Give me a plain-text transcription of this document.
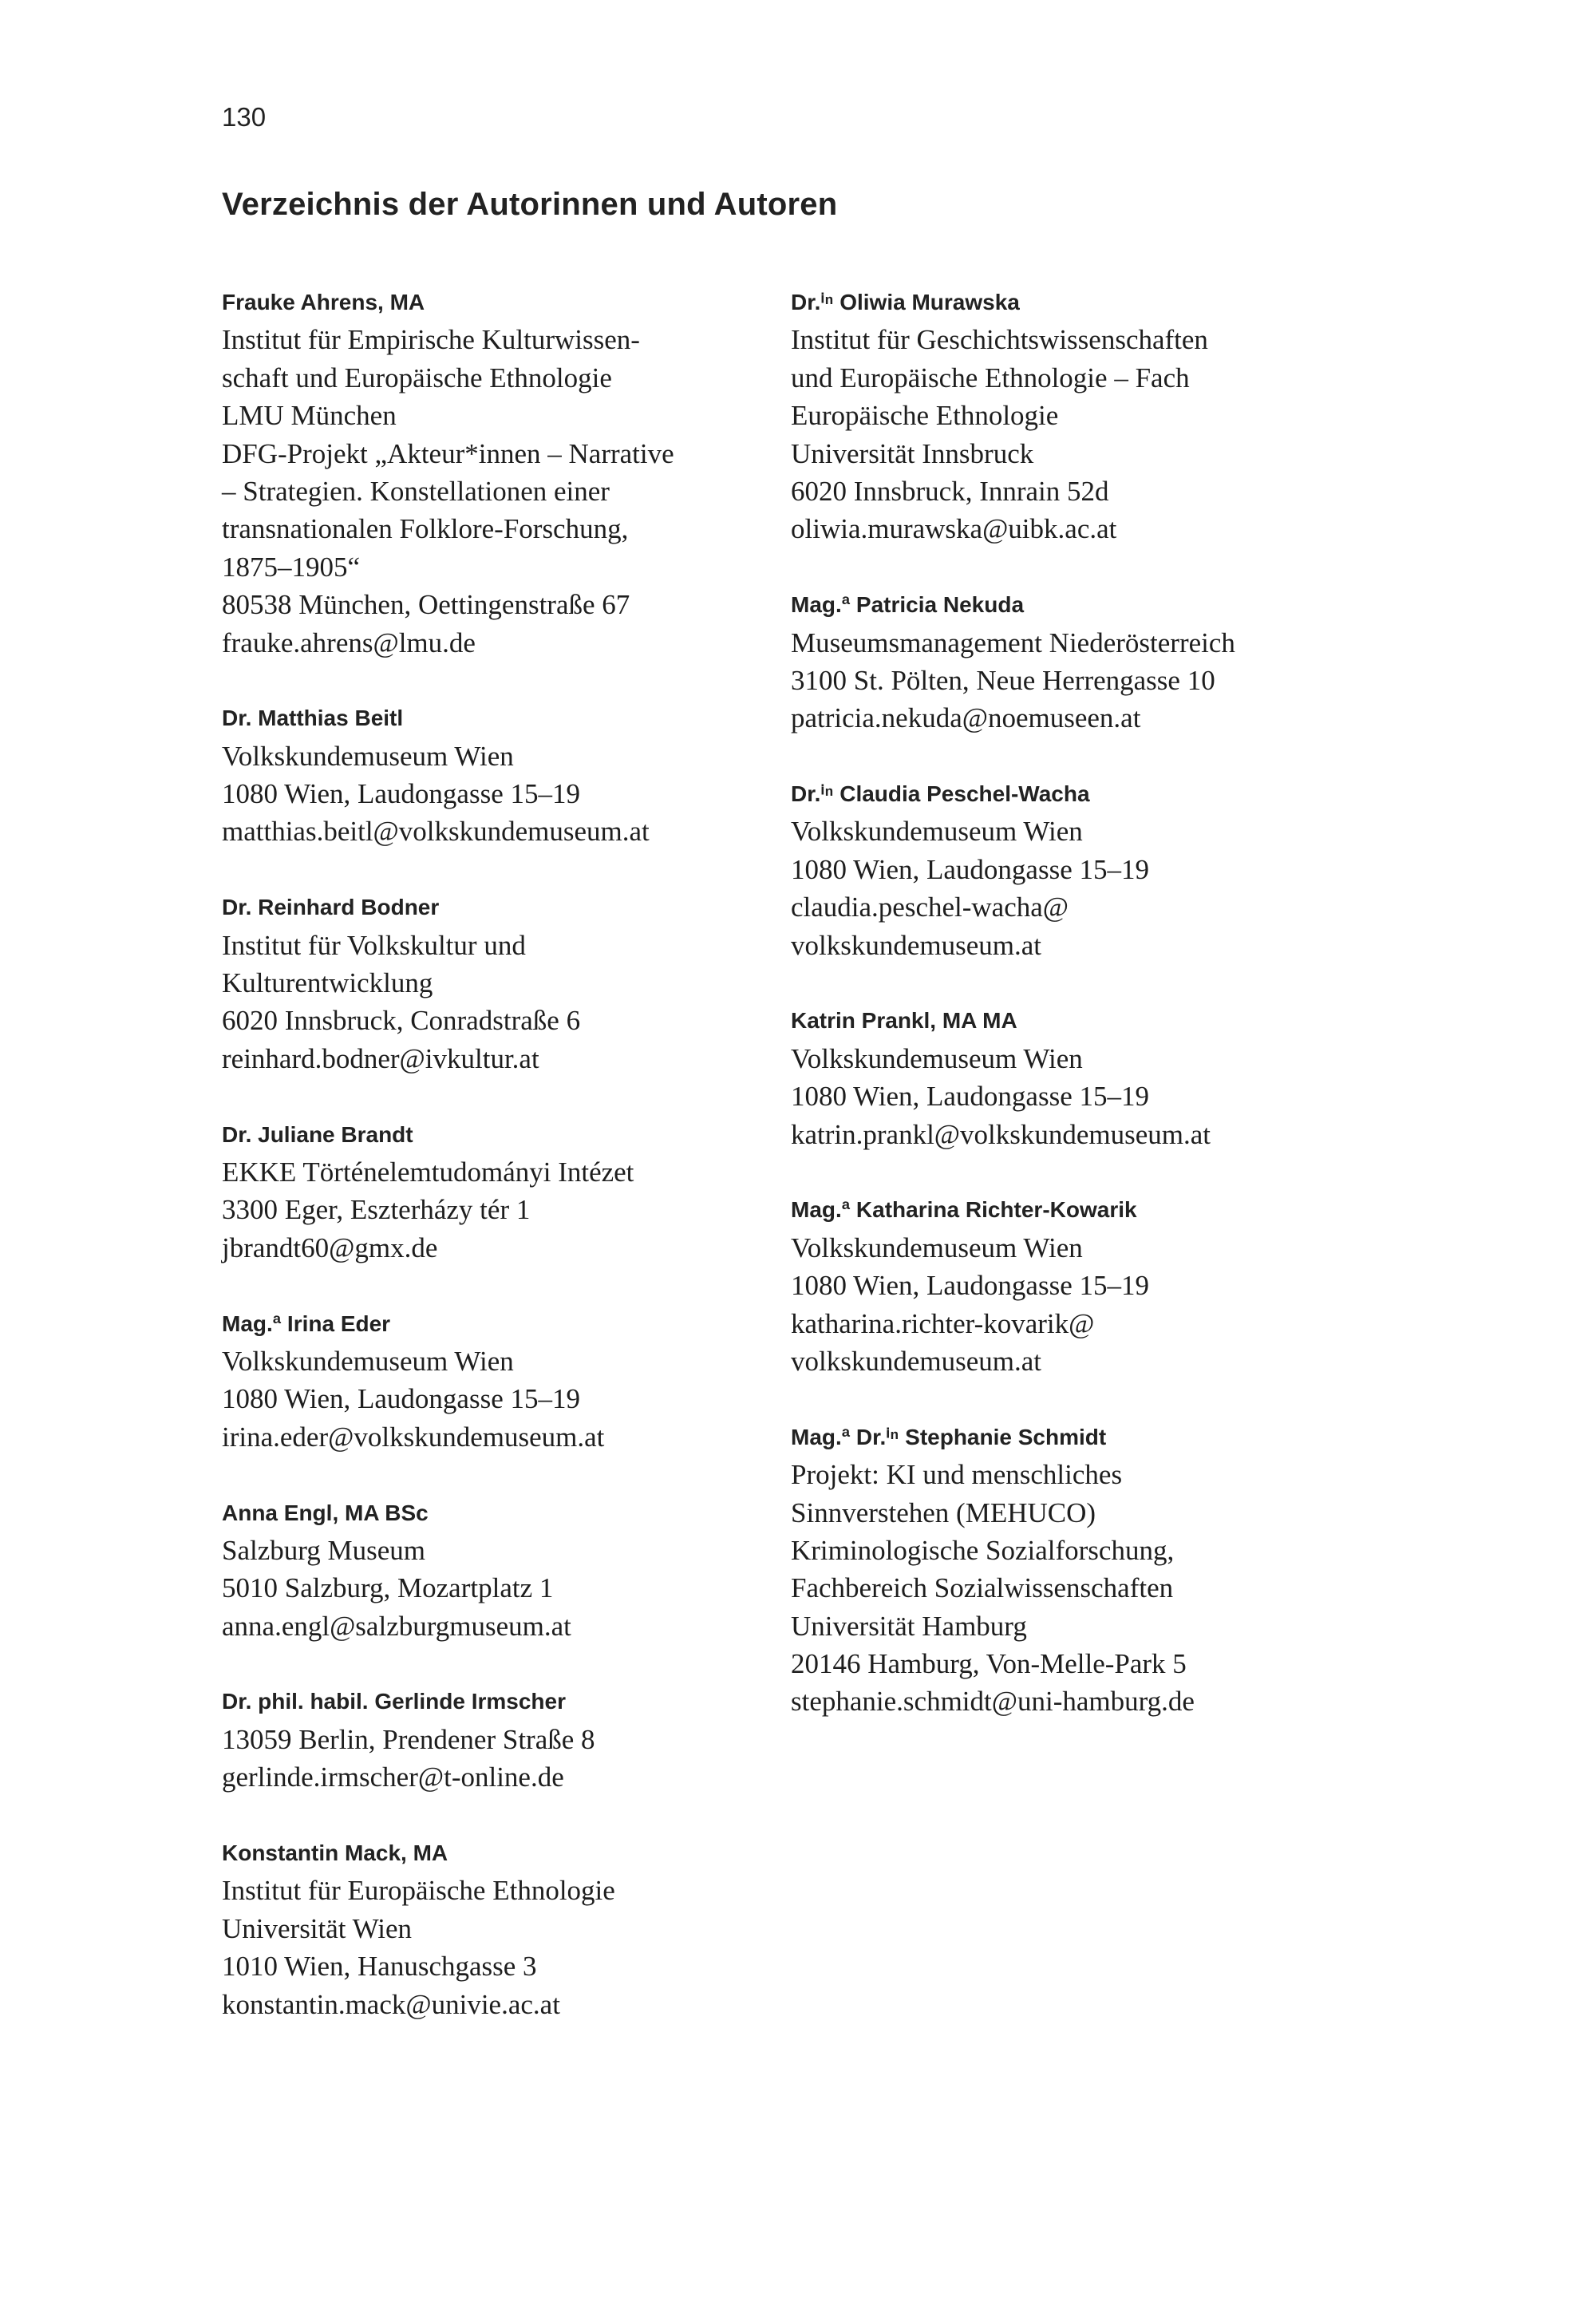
130
Verzeichnis der Autorinnen und Autoren
Frauke Ahrens, MA
Institut für Empirische Kulturwissen-
schaft und Europäische Ethnologie
LMU München
DFG-Projekt „Akteur*innen – Narrative
– Strategien. Konstellationen einer
transnationalen Folklore-Forschung,
1875–1905“
80538 München, Oettingenstraße 67
frauke.ahrens@lmu.de
Dr. Matthias Beitl
Volkskundemuseum Wien
1080 Wien, Laudongasse 15–19
matthias.beitl@volkskundemuseum.at
Dr. Reinhard Bodner
Institut für Volkskultur und
Kulturentwicklung
6020 Innsbruck, Conradstraße 6
reinhard.bodner@ivkultur.at
Dr. Juliane Brandt
EKKE Történelemtudományi Intézet
3300 Eger, Eszterházy tér 1
jbrandt60@gmx.de
Mag.ª Irina Eder
Volkskundemuseum Wien
1080 Wien, Laudongasse 15–19
irina.eder@volkskundemuseum.at
Anna Engl, MA BSc
Salzburg Museum
5010 Salzburg, Mozartplatz 1
anna.engl@salzburgmuseum.at
Dr. phil. habil. Gerlinde Irmscher
13059 Berlin, Prendener Straße 8
gerlinde.irmscher@t-online.de
Konstantin Mack, MA
Institut für Europäische Ethnologie
Universität Wien
1010 Wien, Hanuschgasse 3
konstantin.mack@univie.ac.at
Dr.ⁱⁿ Oliwia Murawska
Institut für Geschichtswissenschaften
und Europäische Ethnologie – Fach
Europäische Ethnologie
Universität Innsbruck
6020 Innsbruck, Innrain 52d
oliwia.murawska@uibk.ac.at
Mag.ª Patricia Nekuda
Museumsmanagement Niederösterreich
3100 St. Pölten, Neue Herrengasse 10
patricia.nekuda@noemuseen.at
Dr.ⁱⁿ Claudia Peschel-Wacha
Volkskundemuseum Wien
1080 Wien, Laudongasse 15–19
claudia.peschel-wacha@
volkskundemuseum.at
Katrin Prankl, MA MA
Volkskundemuseum Wien
1080 Wien, Laudongasse 15–19
katrin.prankl@volkskundemuseum.at
Mag.ª Katharina Richter-Kowarik
Volkskundemuseum Wien
1080 Wien, Laudongasse 15–19
katharina.richter-kovarik@
volkskundemuseum.at
Mag.ª Dr.ⁱⁿ Stephanie Schmidt
Projekt: KI und menschliches
Sinnverstehen (MEHUCO)
Kriminologische Sozialforschung,
Fachbereich Sozialwissenschaften
Universität Hamburg
20146 Hamburg, Von-Melle-Park 5
stephanie.schmidt@uni-hamburg.de
